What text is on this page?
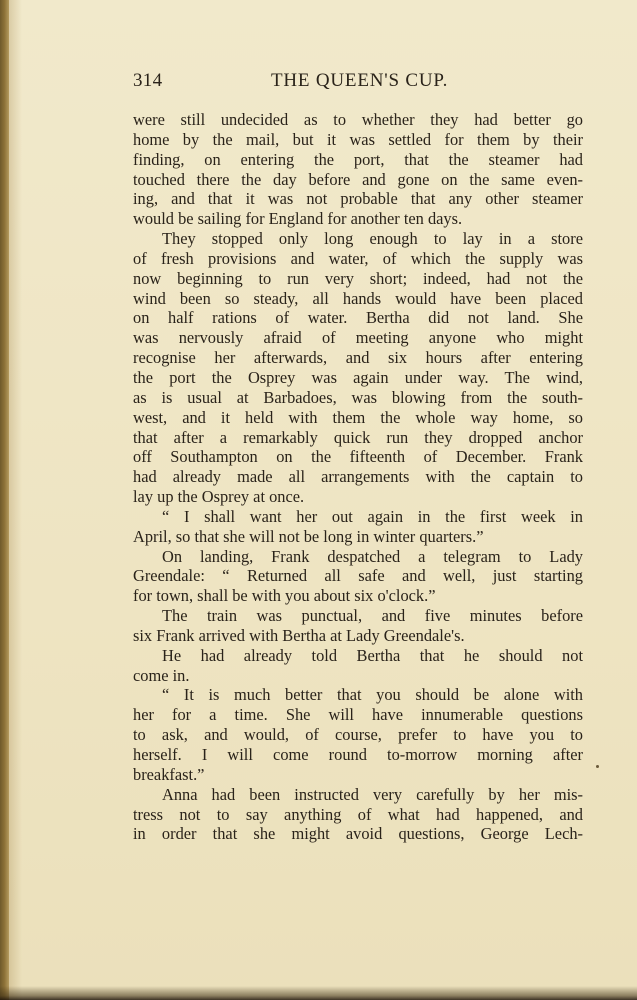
314	THE QUEEN'S CUP.
were still undecided as to whether they had better go
home by the mail, but it was settled for them by their
finding, on entering the port, that the steamer had
touched there the day before and gone on the same even-
ing, and that it was not probable that any other steamer
would be sailing for England for another ten days.
They stopped only long enough to lay in a store
of fresh provisions and water, of which the supply was
now beginning to run very short; indeed, had not the
wind been so steady, all hands would have been placed
on half rations of water. Bertha did not land. She
was nervously afraid of meeting anyone who might
recognise her afterwards, and six hours after entering
the port the Osprey was again under way. The wind,
as is usual at Barbadoes, was blowing from the south-
west, and it held with them the whole way home, so
that after a remarkably quick run they dropped anchor
off Southampton on the fifteenth of December. Frank
had already made all arrangements with the captain to
lay up the Osprey at once.
“ I shall want her out again in the first week in
April, so that she will not be long in winter quarters.”
On landing, Frank despatched a telegram to Lady
Greendale: “ Returned all safe and well, just starting
for town, shall be with you about six o'clock.”
The train was punctual, and five minutes before
six Frank arrived with Bertha at Lady Greendale's.
He had already told Bertha that he should not
come in.
“ It is much better that you should be alone with
her for a time. She will have innumerable questions
to ask, and would, of course, prefer to have you to
herself. I will come round to-morrow morning after
breakfast.”
Anna had been instructed very carefully by her mis-
tress not to say anything of what had happened, and
in order that she might avoid questions, George Lech-
